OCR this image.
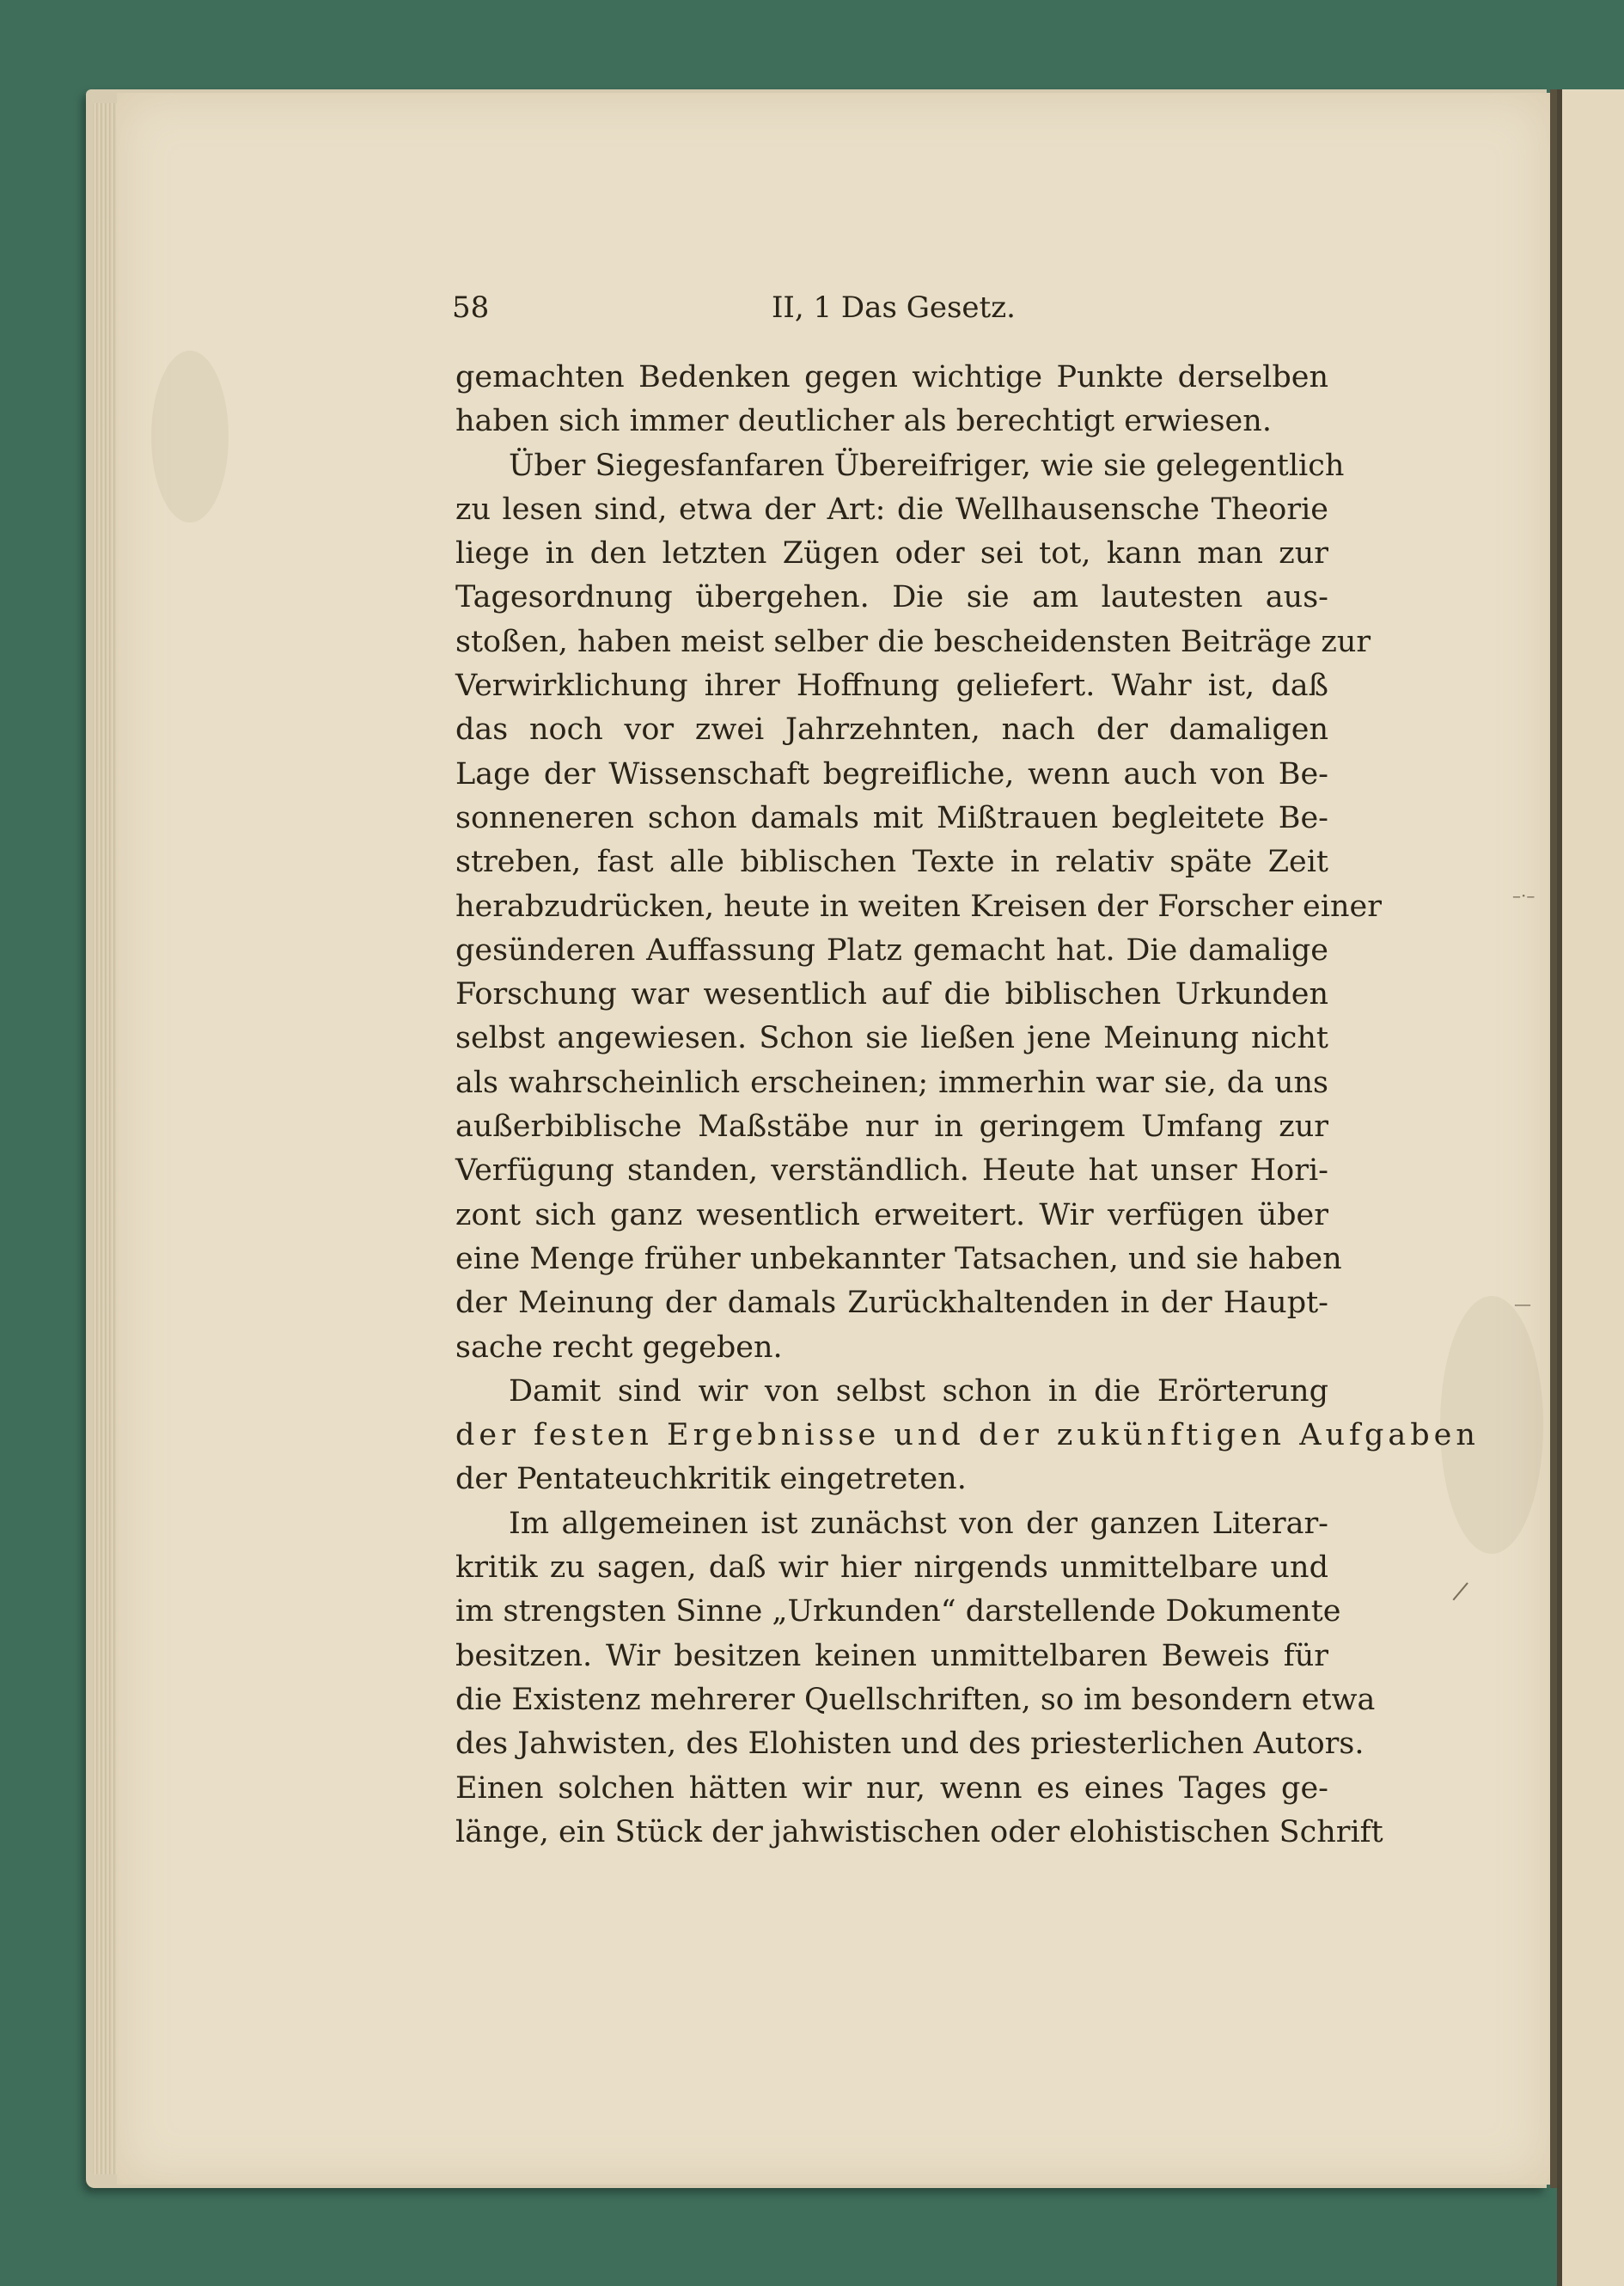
–·–
—
|
58	II, 1 Das Gesetz.
gemachten Bedenken gegen wichtige Punkte derselben
haben sich immer deutlicher als berechtigt erwiesen.
Über Siegesfanfaren Übereifriger, wie sie gelegentlich
zu lesen sind, etwa der Art: die Wellhausensche Theorie
liege in den letzten Zügen oder sei tot, kann man zur
Tagesordnung übergehen. Die sie am lautesten aus-
stoßen, haben meist selber die bescheidensten Beiträge zur
Verwirklichung ihrer Hoffnung geliefert. Wahr ist, daß
das noch vor zwei Jahrzehnten, nach der damaligen
Lage der Wissenschaft begreifliche, wenn auch von Be-
sonneneren schon damals mit Mißtrauen begleitete Be-
streben, fast alle biblischen Texte in relativ späte Zeit
herabzudrücken, heute in weiten Kreisen der Forscher einer
gesünderen Auffassung Platz gemacht hat. Die damalige
Forschung war wesentlich auf die biblischen Urkunden
selbst angewiesen. Schon sie ließen jene Meinung nicht
als wahrscheinlich erscheinen; immerhin war sie, da uns
außerbiblische Maßstäbe nur in geringem Umfang zur
Verfügung standen, verständlich. Heute hat unser Hori-
zont sich ganz wesentlich erweitert. Wir verfügen über
eine Menge früher unbekannter Tatsachen, und sie haben
der Meinung der damals Zurückhaltenden in der Haupt-
sache recht gegeben.
Damit sind wir von selbst schon in die Erörterung
der festen Ergebnisse und der zukünftigen Aufgaben
der Pentateuchkritik eingetreten.
Im allgemeinen ist zunächst von der ganzen Literar-
kritik zu sagen, daß wir hier nirgends unmittelbare und
im strengsten Sinne „Urkunden“ darstellende Dokumente
besitzen. Wir besitzen keinen unmittelbaren Beweis für
die Existenz mehrerer Quellschriften, so im besondern etwa
des Jahwisten, des Elohisten und des priesterlichen Autors.
Einen solchen hätten wir nur, wenn es eines Tages ge-
länge, ein Stück der jahwistischen oder elohistischen Schrift
